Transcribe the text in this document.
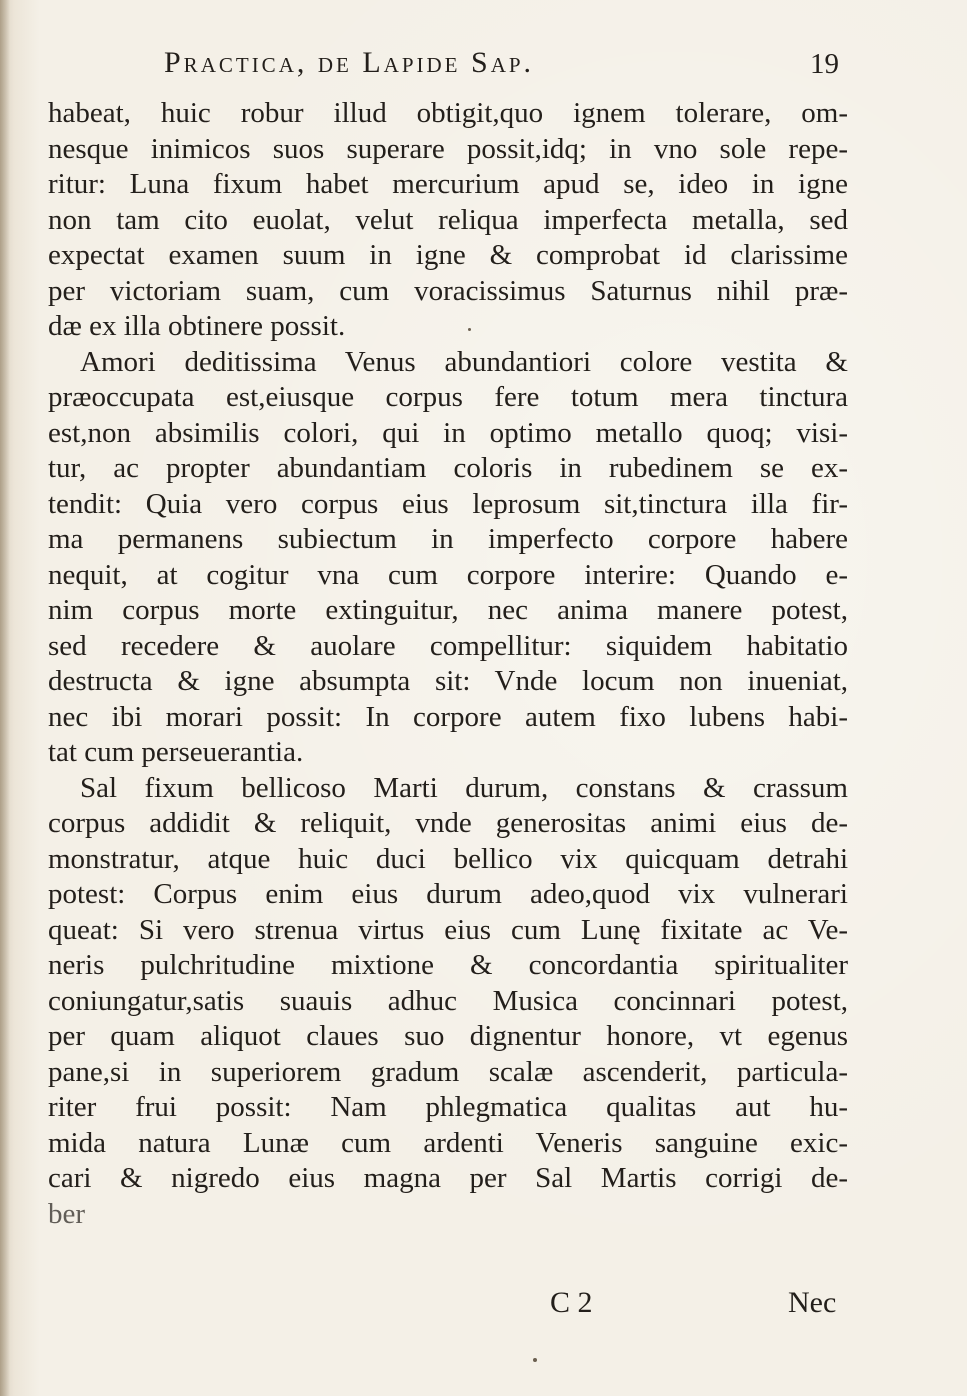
Practica, de Lapide Sap.	19
habeat, huic robur illud obtigit,quo ignem tolerare, om-
nesque inimicos suos superare possit,idq; in vno sole repe-
ritur: Luna fixum habet mercurium apud se, ideo in igne
non tam cito euolat, velut reliqua imperfecta metalla, sed
expectat examen suum in igne & comprobat id clarissime
per victoriam suam, cum voracissimus Saturnus nihil præ-
dæ ex illa obtinere possit.
Amori deditissima Venus abundantiori colore vestita &
præoccupata est,eiusque corpus fere totum mera tinctura
est,non absimilis colori, qui in optimo metallo quoq; visi-
tur, ac propter abundantiam coloris in rubedinem se ex-
tendit: Quia vero corpus eius leprosum sit,tinctura illa fir-
ma permanens subiectum in imperfecto corpore habere
nequit, at cogitur vna cum corpore interire: Quando e-
nim corpus morte extinguitur, nec anima manere potest,
sed recedere & auolare compellitur: siquidem habitatio
destructa & igne absumpta sit: Vnde locum non inueniat,
nec ibi morari possit: In corpore autem fixo lubens habi-
tat cum perseuerantia.
Sal fixum bellicoso Marti durum, constans & crassum
corpus addidit & reliquit, vnde generositas animi eius de-
monstratur, atque huic duci bellico vix quicquam detrahi
potest: Corpus enim eius durum adeo,quod vix vulnerari
queat: Si vero strenua virtus eius cum Lunę fixitate ac Ve-
neris pulchritudine mixtione & concordantia spiritualiter
coniungatur,satis suauis adhuc Musica concinnari potest,
per quam aliquot claues suo dignentur honore, vt egenus
pane,si in superiorem gradum scalæ ascenderit, particula-
riter frui possit: Nam phlegmatica qualitas aut hu-
mida natura Lunæ cum ardenti Veneris sanguine exic-
cari & nigredo eius magna per Sal Martis corrigi de-
ber
C 2	Nec
